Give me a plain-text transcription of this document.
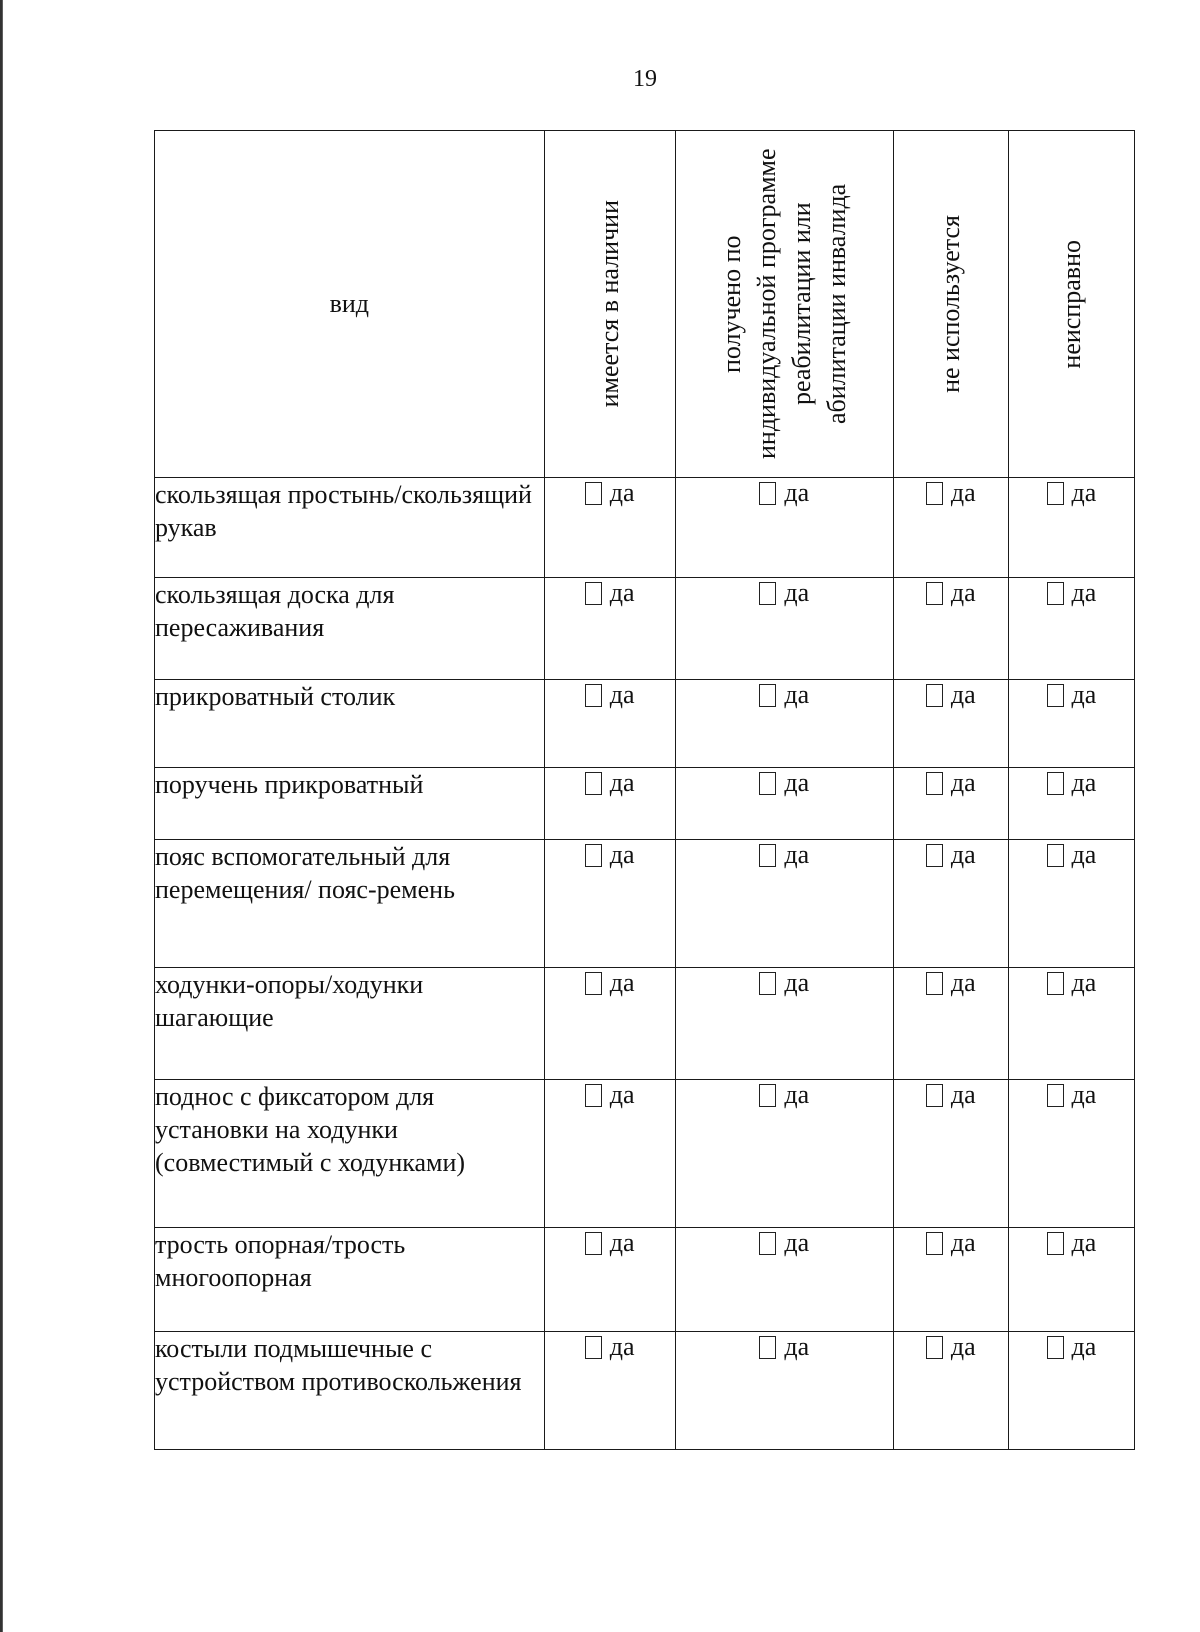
19
вид	имеется в наличии	получено по индивидуальной программе реабилитации или абилитации инвалида	не используется	неисправно

скользящая простынь/скользящий рукав	да	да	да	да

скользящая доска для пересаживания	да	да	да	да

прикроватный столик	да	да	да	да

поручень прикроватный	да	да	да	да

пояс вспомогательный для перемещения/ пояс-ремень	да	да	да	да

ходунки-опоры/ходунки шагающие	да	да	да	да

поднос с фиксатором для установки на ходунки (совместимый с ходунками)	да	да	да	да

трость опорная/трость многоопорная	да	да	да	да

костыли подмышечные с устройством противоскольжения	да	да	да	да
